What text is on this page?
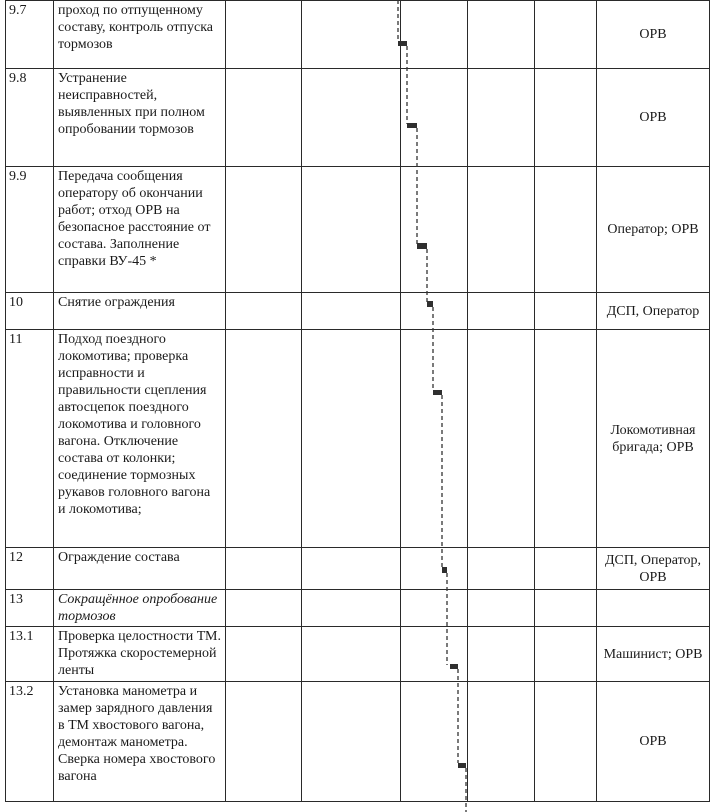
9.7	проход по отпущенному составу, контроль отпуска тормозов						ОРВ
9.8	Устранение неисправностей, выявленных при полном опробовании тормозов						ОРВ
9.9	Передача сообщения оператору об окончании работ; отход ОРВ на безопасное расстояние от состава. Заполнение справки ВУ-45 *						Оператор; ОРВ
10	Снятие ограждения						ДСП, Оператор
11	Подход поездного локомотива; проверка исправности и правильности сцепления автосцепок поездного локомотива и головного вагона. Отключение состава от колонки; соединение тормозных рукавов головного вагона и локомотива;						Локомотивная бригада; ОРВ
12	Ограждение состава						ДСП, Оператор, ОРВ
13	Сокращённое опробование тормозов						
13.1	Проверка целостности ТМ. Протяжка скоростемерной ленты						Машинист; ОРВ
13.2	Установка манометра и замер зарядного давления в ТМ хвостового вагона, демонтаж манометра. Сверка номера хвостового вагона						ОРВ
